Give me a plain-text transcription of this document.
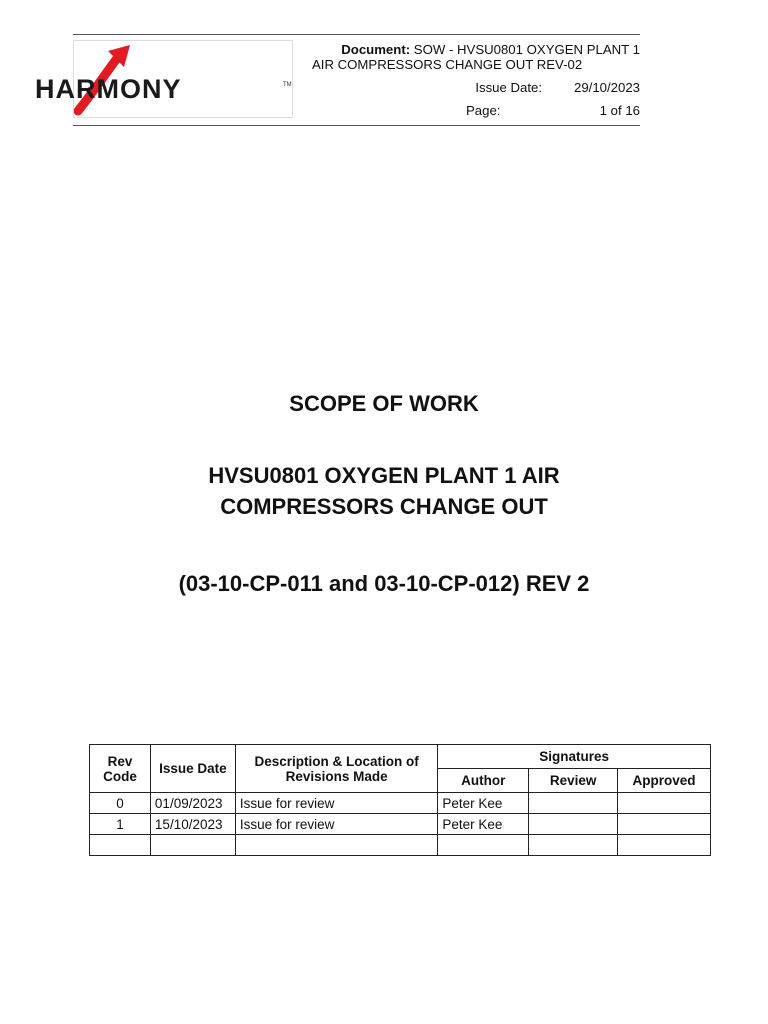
HARMONY	TM
Document: SOW - HVSU0801 OXYGEN PLANT 1
AIR COMPRESSORS CHANGE OUT REV-02
Issue Date: 29/10/2023
Page:	1 of 16
SCOPE OF WORK
HVSU0801 OXYGEN PLANT 1 AIR
COMPRESSORS CHANGE OUT
(03-10-CP-011 and 03-10-CP-012) REV 2
Rev Code	Issue Date	Description & Location of Revisions Made	Signatures		
			Author	Review	Approved
0	01/09/2023	Issue for review	Peter Kee		
1	15/10/2023	Issue for review	Peter Kee		
